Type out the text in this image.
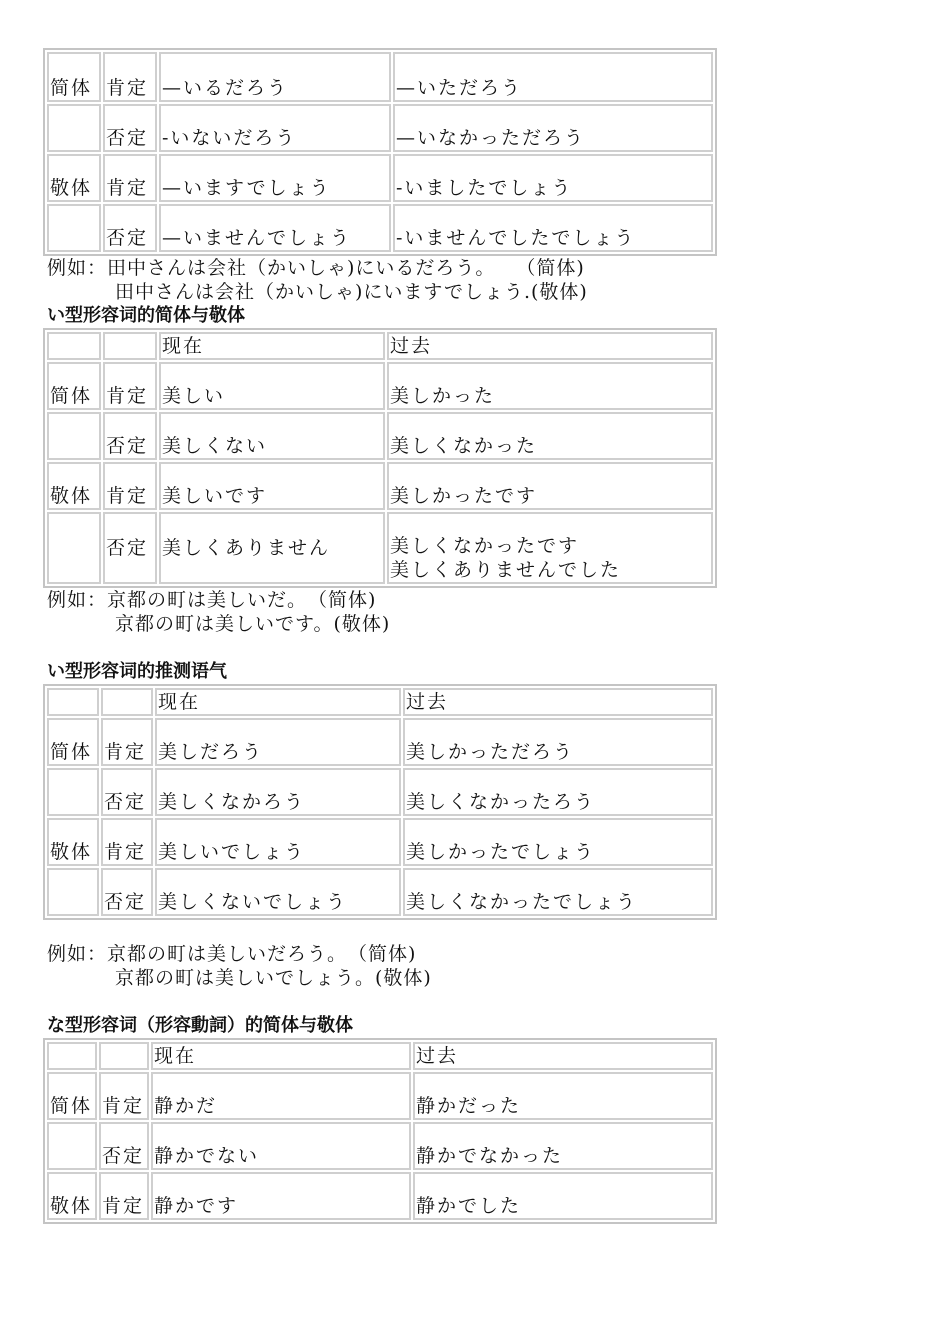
简体	肯定	—いるだろう	—いただろう
	否定	-いないだろう	—いなかっただろう
敬体	肯定	—いますでしょう	-いましたでしょう
	否定	—いませんでしょう	-いませんでしたでしょう
例如：田中さんは会社（かいしゃ)にいるだろう。　　（简体)
田中さんは会社（かいしゃ)にいますでしょう.(敬体)
い型形容词的简体与敬体
		现在	过去
简体	肯定	美しい	美しかった
	否定	美しくない	美しくなかった
敬体	肯定	美しいです	美しかったです
	否定	美しくありません	美しくなかったです
美しくありませんでした
例如：京都の町は美しいだ。　（简体)
京都の町は美しいです。(敬体)
い型形容词的推测语气
		现在	过去
简体	肯定	美しだろう	美しかっただろう
	否定	美しくなかろう	美しくなかったろう
敬体	肯定	美しいでしょう	美しかったでしょう
	否定	美しくないでしょう	美しくなかったでしょう
例如：京都の町は美しいだろう。　（简体)
京都の町は美しいでしょう。(敬体)
な型形容词（形容動詞）的简体与敬体
		现在	过去
简体	肯定	静かだ	静かだった
	否定	静かでない	静かでなかった
敬体	肯定	静かです	静かでした
